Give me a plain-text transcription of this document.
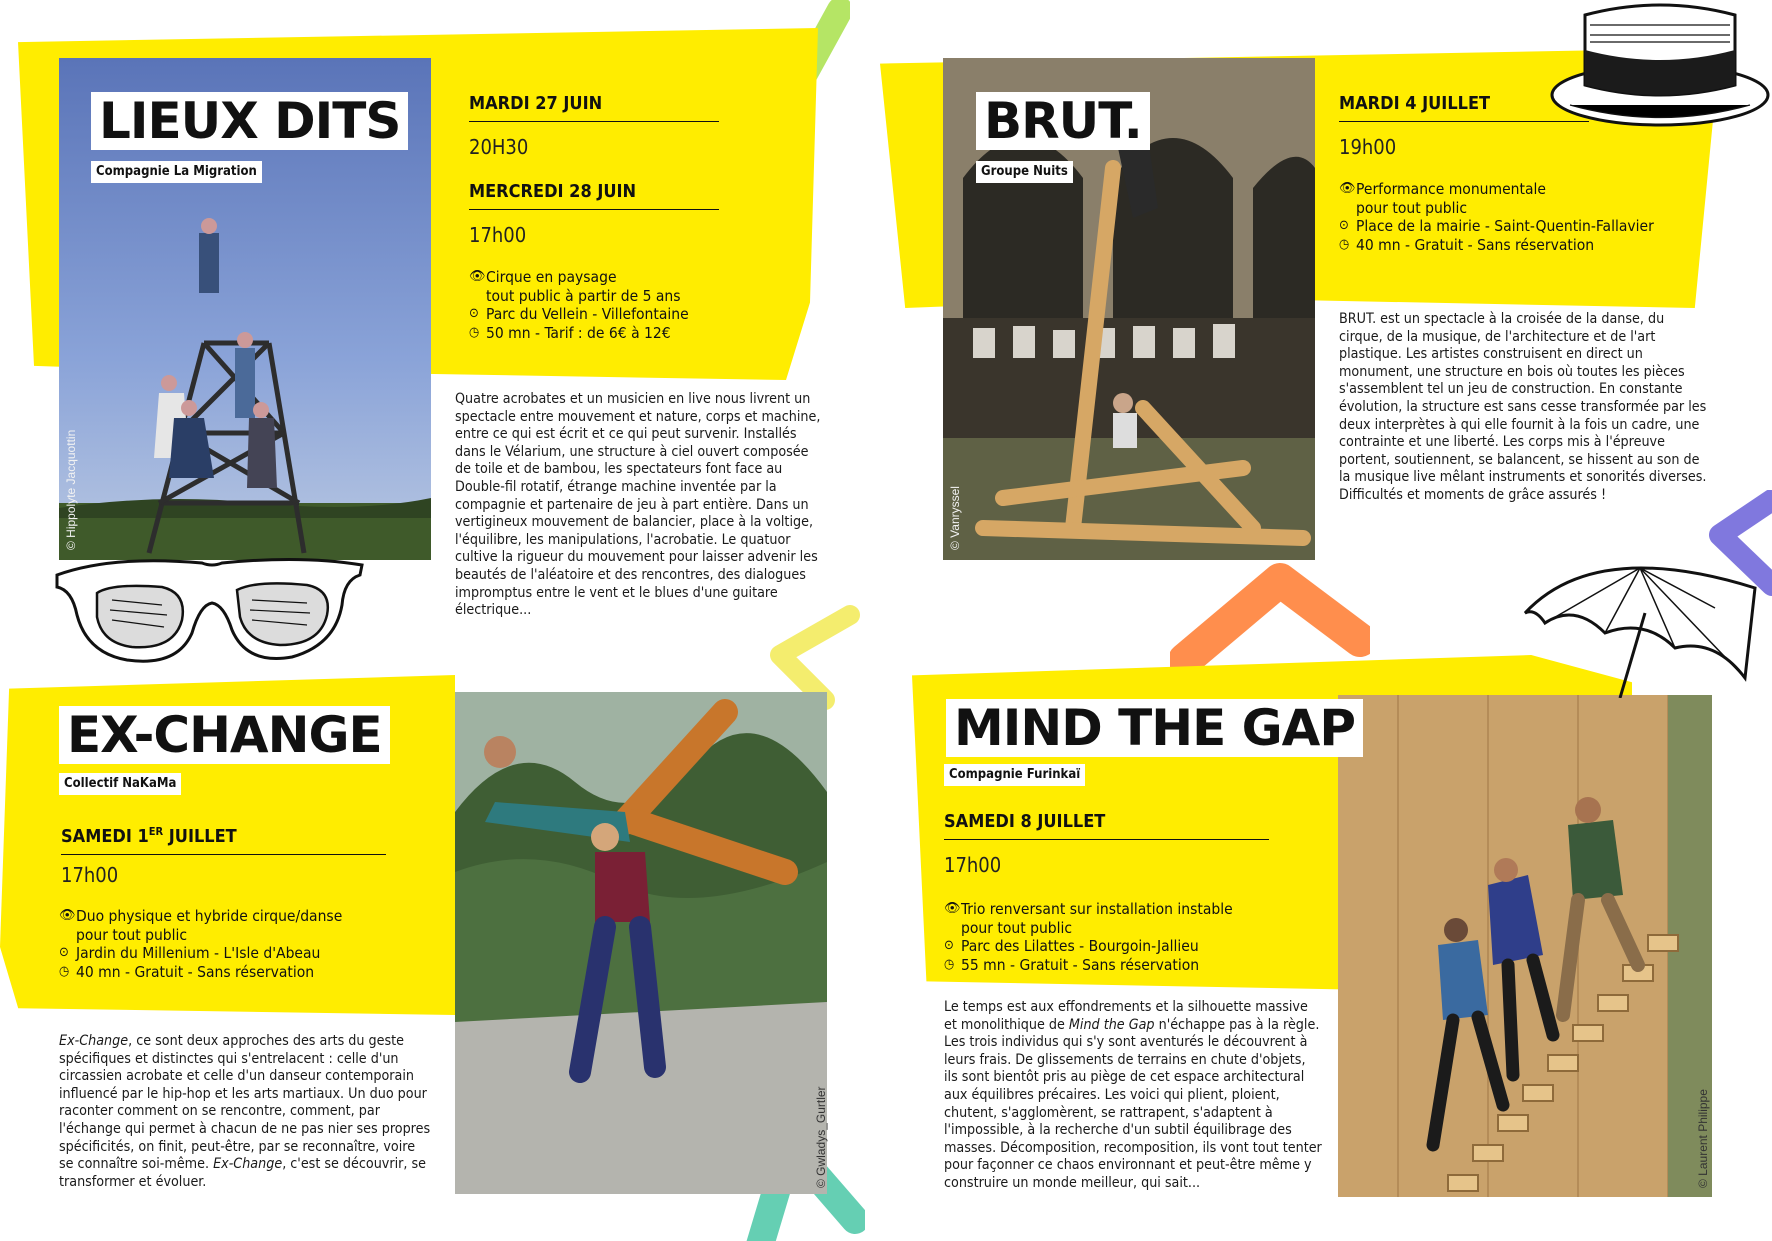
© Hippolyte Jacquottin	© Vanryssel
© Gwladys_Gurtler	© Laurent Philippe
LIEUX DITS
Compagnie La Migration
MARDI 27 JUIN
20H30
MERCREDI 28 JUIN
17h00
👁 Cirque en paysage
tout public à partir de 5 ans
⊙ Parc du Vellein - Villefontaine
◷ 50 mn - Tarif : de 6€ à 12€
Quatre acrobates et un musicien en live nous livrent un spectacle entre mouvement et nature, corps et machine, entre ce qui est écrit et ce qui peut survenir. Installés dans le Vélarium, une structure à ciel ouvert composée de toile et de bambou, les spectateurs font face au Double-fil rotatif, étrange machine inventée par la compagnie et partenaire de jeu à part entière. Dans un vertigineux mouvement de balancier, place à la voltige, l'équilibre, les manipulations, l'acrobatie. Le quatuor cultive la rigueur du mouvement pour laisser advenir les beautés de l'aléatoire et des rencontres, des dialogues impromptus entre le vent et le blues d'une guitare électrique...
BRUT.
Groupe Nuits
MARDI 4 JUILLET
19h00
👁 Performance monumentale
pour tout public
⊙ Place de la mairie - Saint-Quentin-Fallavier
◷ 40 mn - Gratuit - Sans réservation
BRUT. est un spectacle à la croisée de la danse, du cirque, de la musique, de l'architecture et de l'art plastique. Les artistes construisent en direct un monument, une structure en bois où toutes les pièces s'assemblent tel un jeu de construction. En constante évolution, la structure est sans cesse transformée par les deux interprètes à qui elle fournit à la fois un cadre, une contrainte et une liberté. Les corps mis à l'épreuve portent, soutiennent, se balancent, se hissent au son de la musique live mêlant instruments et sonorités diverses. Difficultés et moments de grâce assurés !
EX-CHANGE
Collectif NaKaMa
SAMEDI 1ER JUILLET
17h00
👁 Duo physique et hybride cirque/danse
pour tout public
⊙ Jardin du Millenium - L'Isle d'Abeau
◷ 40 mn - Gratuit - Sans réservation
Ex-Change, ce sont deux approches des arts du geste spécifiques et distinctes qui s'entrelacent : celle d'un circassien acrobate et celle d'un danseur contemporain influencé par le hip-hop et les arts martiaux. Un duo pour raconter comment on se rencontre, comment, par l'échange qui permet à chacun de ne pas nier ses propres spécificités, on finit, peut-être, par se reconnaître, voire se connaître soi-même. Ex-Change, c'est se découvrir, se transformer et évoluer.
MIND THE GAP
Compagnie Furinkaï
SAMEDI 8 JUILLET
17h00
👁 Trio renversant sur installation instable
pour tout public
⊙ Parc des Lilattes - Bourgoin-Jallieu
◷ 55 mn - Gratuit - Sans réservation
Le temps est aux effondrements et la silhouette massive et monolithique de Mind the Gap n'échappe pas à la règle. Les trois individus qui s'y sont aventurés le découvrent à leurs frais. De glissements de terrains en chute d'objets, ils sont bientôt pris au piège de cet espace architectural aux équilibres précaires. Les voici qui plient, ploient, chutent, s'agglomèrent, se rattrapent, s'adaptent à l'impossible, à la recherche d'un subtil équilibrage des masses. Décomposition, recomposition, ils vont tout tenter pour façonner ce chaos environnant et peut-être même y construire un monde meilleur, qui sait...
